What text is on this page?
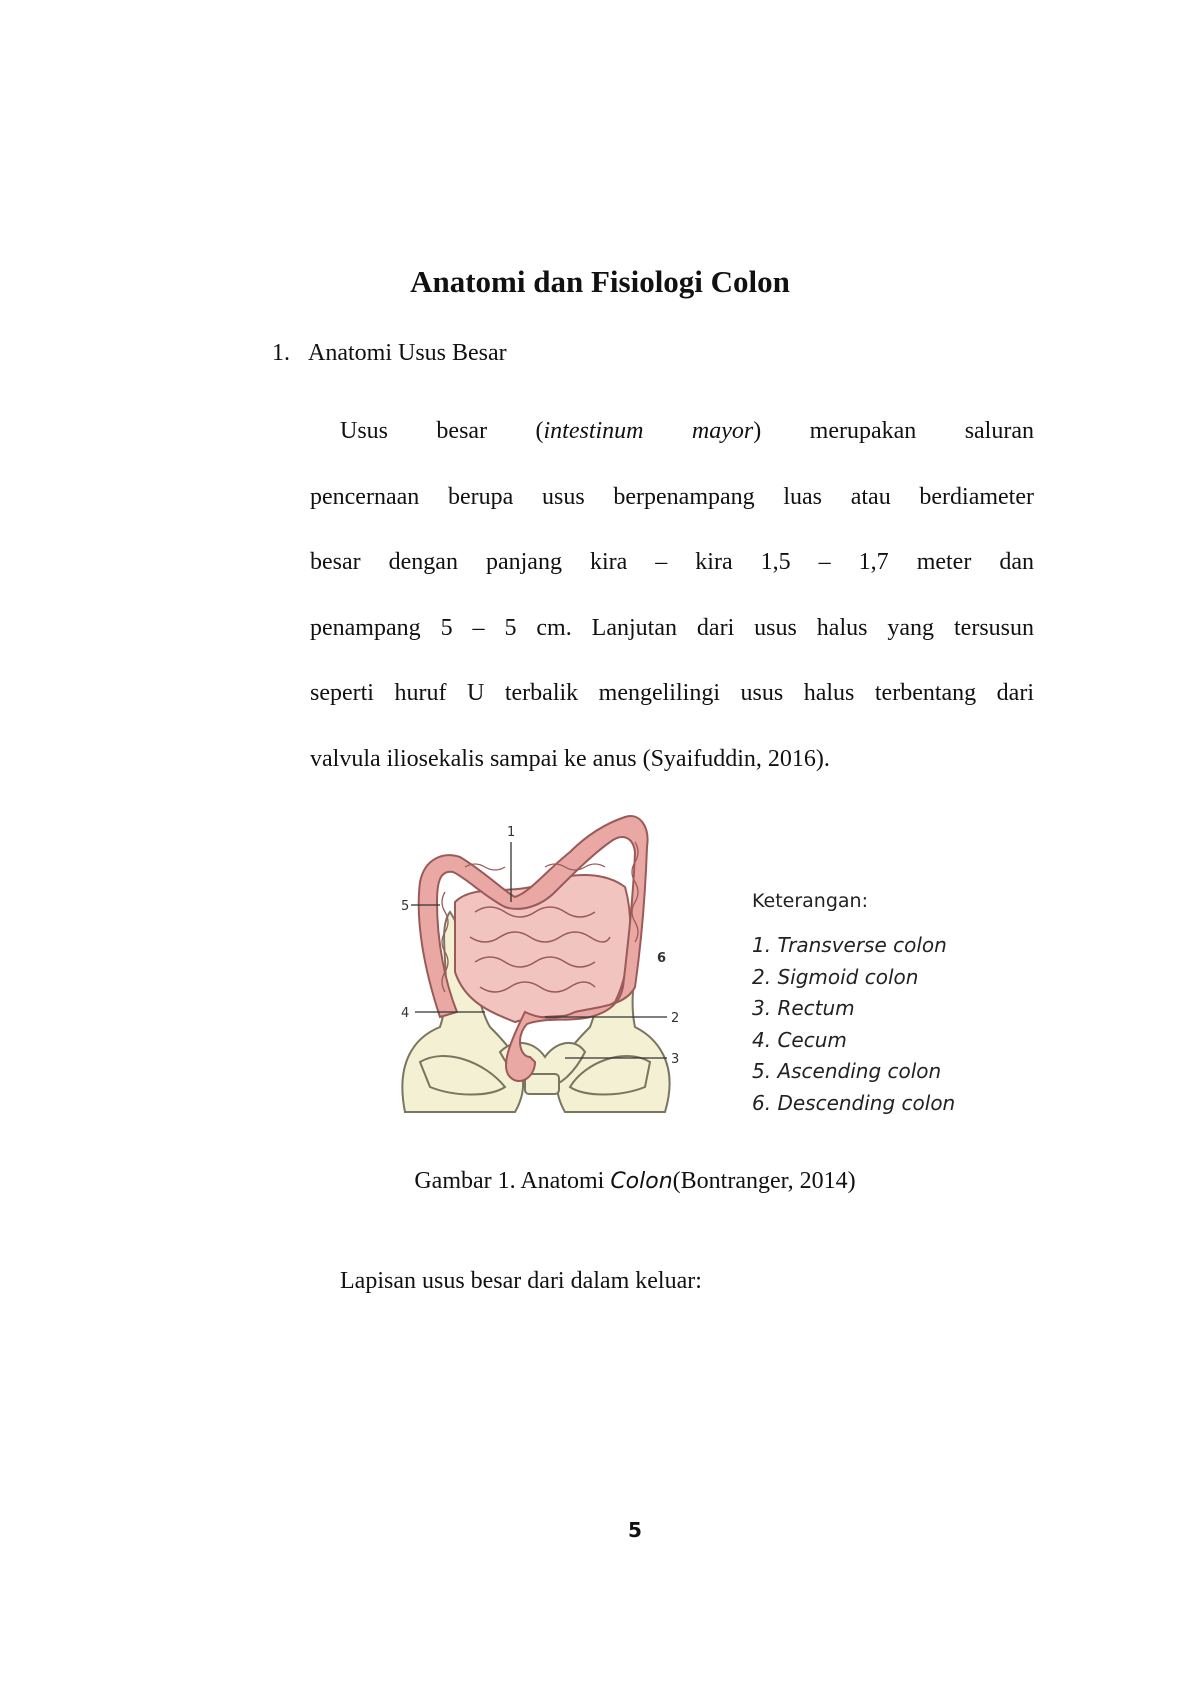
Anatomi dan Fisiologi Colon
1. Anatomi Usus Besar
Usus besar (intestinum mayor) merupakan saluran
pencernaan berupa usus berpenampang luas atau berdiameter
besar dengan panjang kira – kira 1,5 – 1,7 meter dan
penampang 5 – 5 cm. Lanjutan dari usus halus yang tersusun
seperti huruf U terbalik mengelilingi usus halus terbentang dari
valvula iliosekalis sampai ke anus (Syaifuddin, 2016).
1
2
3
4
5
6
Keterangan:
1. Transverse colon
2. Sigmoid colon
3. Rectum
4. Cecum
5. Ascending colon
6. Descending colon
Gambar 1. Anatomi Colon(Bontranger, 2014)
Lapisan usus besar dari dalam keluar:
5
